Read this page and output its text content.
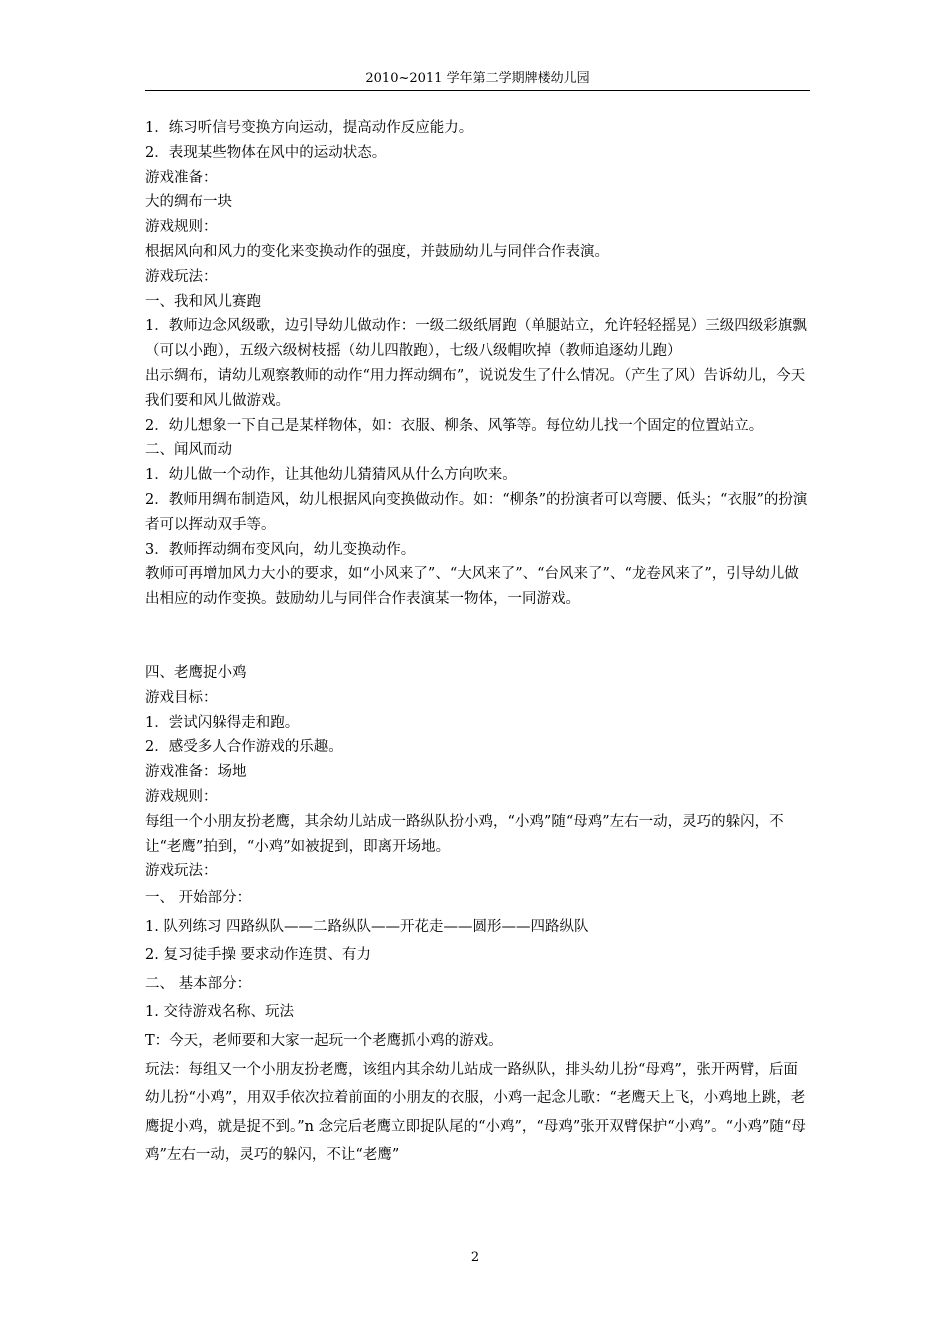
2010~2011 学年第二学期牌楼幼儿园

1．练习听信号变换方向运动，提高动作反应能力。

2．表现某些物体在风中的运动状态。

游戏准备：

大的绸布一块

游戏规则：

根据风向和风力的变化来变换动作的强度，并鼓励幼儿与同伴合作表演。

游戏玩法：

一、我和风儿赛跑

1．教师边念风级歌，边引导幼儿做动作：一级二级纸屑跑（单腿站立，允许轻轻摇晃）三级四级彩旗飘（可以小跑），五级六级树枝摇（幼儿四散跑），七级八级帽吹掉（教师追逐幼儿跑）

出示绸布，请幼儿观察教师的动作“用力挥动绸布”，说说发生了什么情况。（产生了风）告诉幼儿，今天我们要和风儿做游戏。

2．幼儿想象一下自己是某样物体，如：衣服、柳条、风筝等。每位幼儿找一个固定的位置站立。

二、闻风而动

1．幼儿做一个动作，让其他幼儿猜猜风从什么方向吹来。

2．教师用绸布制造风，幼儿根据风向变换做动作。如：“柳条”的扮演者可以弯腰、低头；“衣服”的扮演者可以挥动双手等。

3．教师挥动绸布变风向，幼儿变换动作。

教师可再增加风力大小的要求，如“小风来了”、“大风来了”、“台风来了”、“龙卷风来了”，引导幼儿做出相应的动作变换。鼓励幼儿与同伴合作表演某一物体，一同游戏。

四、老鹰捉小鸡

游戏目标：

1．尝试闪躲得走和跑。

2．感受多人合作游戏的乐趣。

游戏准备：场地

游戏规则：

每组一个小朋友扮老鹰，其余幼儿站成一路纵队扮小鸡，“小鸡”随“母鸡”左右一动，灵巧的躲闪，不让“老鹰”拍到，“小鸡”如被捉到，即离开场地。

游戏玩法：

一、 开始部分：

1. 队列练习 四路纵队——二路纵队——开花走——圆形——四路纵队

2. 复习徒手操 要求动作连贯、有力

二、 基本部分：

1. 交待游戏名称、玩法

T：今天，老师要和大家一起玩一个老鹰抓小鸡的游戏。

玩法：每组又一个小朋友扮老鹰，该组内其余幼儿站成一路纵队，排头幼儿扮“母鸡”，张开两臂，后面幼儿扮“小鸡”，用双手依次拉着前面的小朋友的衣服，小鸡一起念儿歌：“老鹰天上飞，小鸡地上跳，老鹰捉小鸡，就是捉不到。”n 念完后老鹰立即捉队尾的“小鸡”，“母鸡”张开双臂保护“小鸡”。“小鸡”随“母鸡”左右一动，灵巧的躲闪，不让“老鹰”

2
